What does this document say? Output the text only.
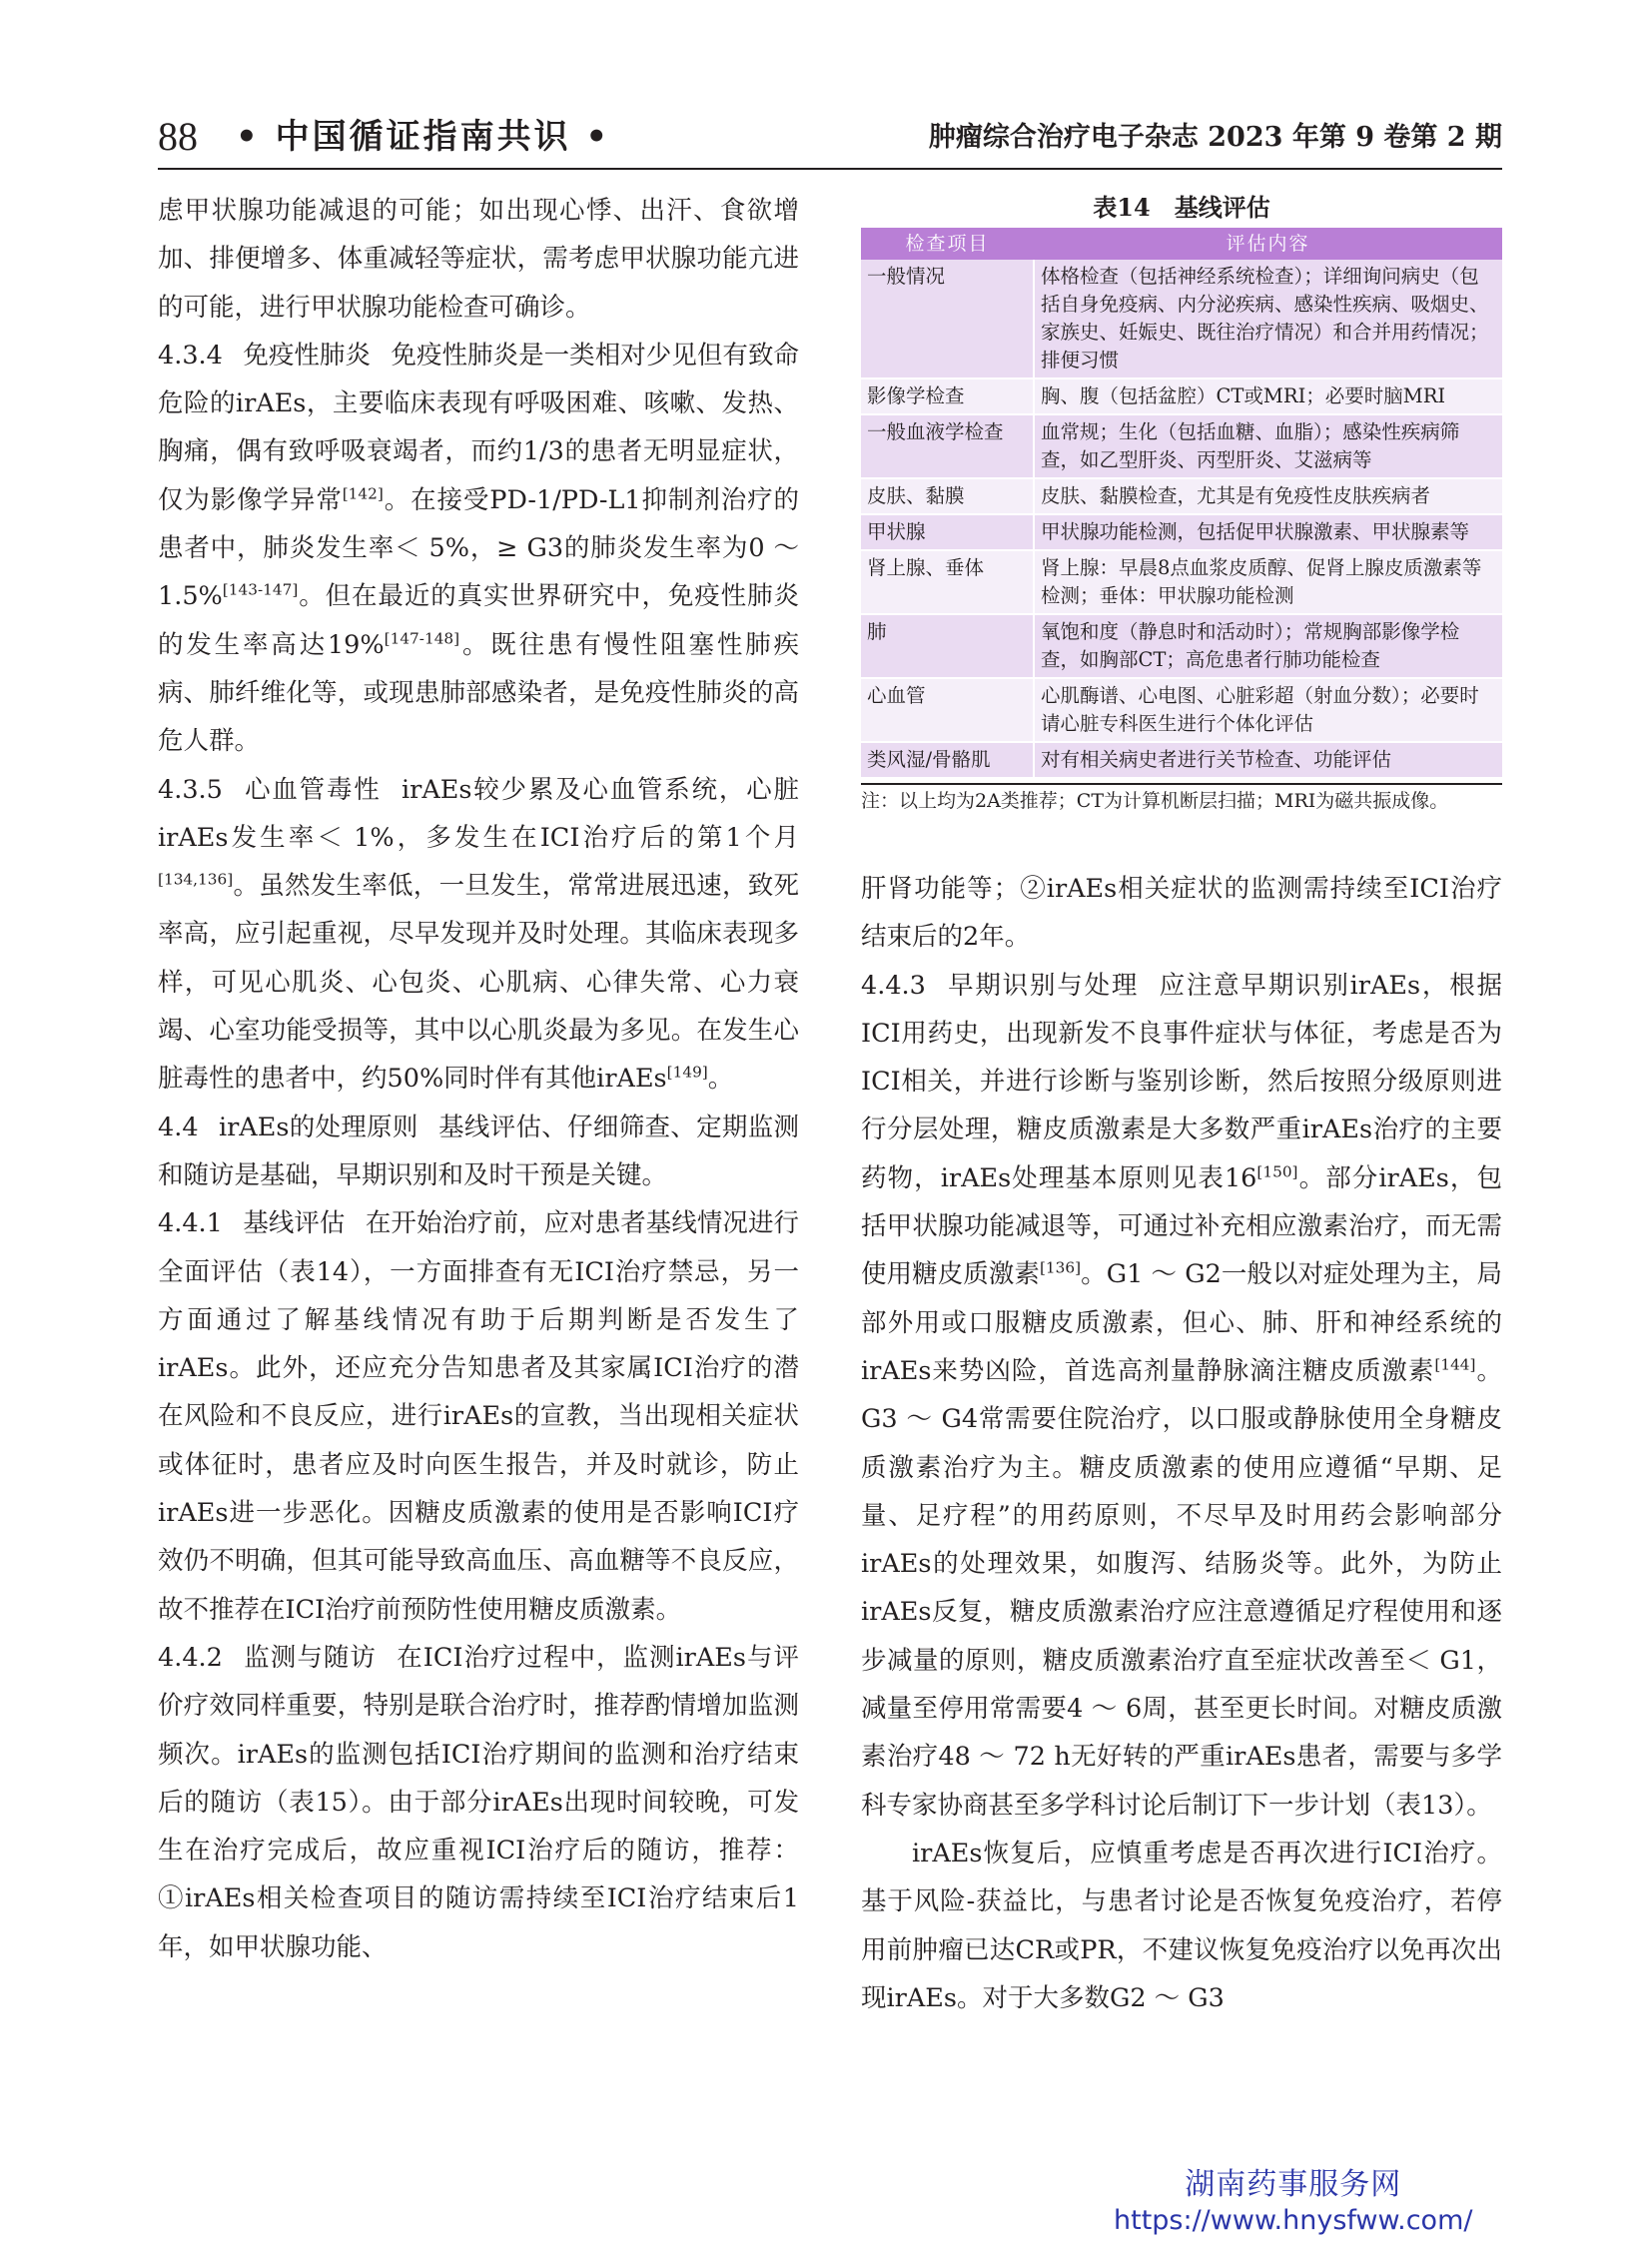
88 • 中国循证指南共识 •	肿瘤综合治疗电子杂志 2023 年第 9 卷第 2 期

虑甲状腺功能减退的可能；如出现心悸、出汗、食欲增加、排便增多、体重减轻等症状，需考虑甲状腺功能亢进的可能，进行甲状腺功能检查可确诊。

4.3.4 免疫性肺炎 免疫性肺炎是一类相对少见但有致命危险的irAEs，主要临床表现有呼吸困难、咳嗽、发热、胸痛，偶有致呼吸衰竭者，而约1/3的患者无明显症状，仅为影像学异常[142]。在接受PD-1/PD-L1抑制剂治疗的患者中，肺炎发生率＜ 5%，≥ G3的肺炎发生率为0 ～ 1.5%[143-147]。但在最近的真实世界研究中，免疫性肺炎的发生率高达19%[147-148]。既往患有慢性阻塞性肺疾病、肺纤维化等，或现患肺部感染者，是免疫性肺炎的高危人群。

4.3.5 心血管毒性 irAEs较少累及心血管系统，心脏irAEs发生率＜ 1%，多发生在ICI治疗后的第1个月[134,136]。虽然发生率低，一旦发生，常常进展迅速，致死率高，应引起重视，尽早发现并及时处理。其临床表现多样，可见心肌炎、心包炎、心肌病、心律失常、心力衰竭、心室功能受损等，其中以心肌炎最为多见。在发生心脏毒性的患者中，约50%同时伴有其他irAEs[149]。

4.4 irAEs的处理原则 基线评估、仔细筛查、定期监测和随访是基础，早期识别和及时干预是关键。

4.4.1 基线评估 在开始治疗前，应对患者基线情况进行全面评估（表14），一方面排查有无ICI治疗禁忌，另一方面通过了解基线情况有助于后期判断是否发生了irAEs。此外，还应充分告知患者及其家属ICI治疗的潜在风险和不良反应，进行irAEs的宣教，当出现相关症状或体征时，患者应及时向医生报告，并及时就诊，防止irAEs进一步恶化。因糖皮质激素的使用是否影响ICI疗效仍不明确，但其可能导致高血压、高血糖等不良反应，故不推荐在ICI治疗前预防性使用糖皮质激素。

4.4.2 监测与随访 在ICI治疗过程中，监测irAEs与评价疗效同样重要，特别是联合治疗时，推荐酌情增加监测频次。irAEs的监测包括ICI治疗期间的监测和治疗结束后的随访（表15）。由于部分irAEs出现时间较晚，可发生在治疗完成后，故应重视ICI治疗后的随访，推荐：①irAEs相关检查项目的随访需持续至ICI治疗结束后1年，如甲状腺功能、

表14　基线评估
检查项目	评估内容
一般情况	体格检查（包括神经系统检查）；详细询问病史（包括自身免疫病、内分泌疾病、感染性疾病、吸烟史、家族史、妊娠史、既往治疗情况）和合并用药情况；排便习惯
影像学检查	胸、腹（包括盆腔）CT或MRI；必要时脑MRI
一般血液学检查	血常规；生化（包括血糖、血脂）；感染性疾病筛查，如乙型肝炎、丙型肝炎、艾滋病等
皮肤、黏膜	皮肤、黏膜检查，尤其是有免疫性皮肤疾病者
甲状腺	甲状腺功能检测，包括促甲状腺激素、甲状腺素等
肾上腺、垂体	肾上腺：早晨8点血浆皮质醇、促肾上腺皮质激素等检测；垂体：甲状腺功能检测
肺	氧饱和度（静息时和活动时）；常规胸部影像学检查，如胸部CT；高危患者行肺功能检查
心血管	心肌酶谱、心电图、心脏彩超（射血分数）；必要时请心脏专科医生进行个体化评估
类风湿/骨骼肌	对有相关病史者进行关节检查、功能评估
注：以上均为2A类推荐；CT为计算机断层扫描；MRI为磁共振成像。

肝肾功能等；②irAEs相关症状的监测需持续至ICI治疗结束后的2年。

4.4.3 早期识别与处理 应注意早期识别irAEs，根据ICI用药史，出现新发不良事件症状与体征，考虑是否为ICI相关，并进行诊断与鉴别诊断，然后按照分级原则进行分层处理，糖皮质激素是大多数严重irAEs治疗的主要药物，irAEs处理基本原则见表16[150]。部分irAEs，包括甲状腺功能减退等，可通过补充相应激素治疗，而无需使用糖皮质激素[136]。G1 ～ G2一般以对症处理为主，局部外用或口服糖皮质激素，但心、肺、肝和神经系统的irAEs来势凶险，首选高剂量静脉滴注糖皮质激素[144]。G3 ～ G4常需要住院治疗，以口服或静脉使用全身糖皮质激素治疗为主。糖皮质激素的使用应遵循“早期、足量、足疗程”的用药原则，不尽早及时用药会影响部分irAEs的处理效果，如腹泻、结肠炎等。此外，为防止irAEs反复，糖皮质激素治疗应注意遵循足疗程使用和逐步减量的原则，糖皮质激素治疗直至症状改善至＜ G1，减量至停用常需要4 ～ 6周，甚至更长时间。对糖皮质激素治疗48 ～ 72 h无好转的严重irAEs患者，需要与多学科专家协商甚至多学科讨论后制订下一步计划（表13）。

irAEs恢复后，应慎重考虑是否再次进行ICI治疗。基于风险-获益比，与患者讨论是否恢复免疫治疗，若停用前肿瘤已达CR或PR，不建议恢复免疫治疗以免再次出现irAEs。对于大多数G2 ～ G3

湖南药事服务网
https://www.hnysfww.com/
